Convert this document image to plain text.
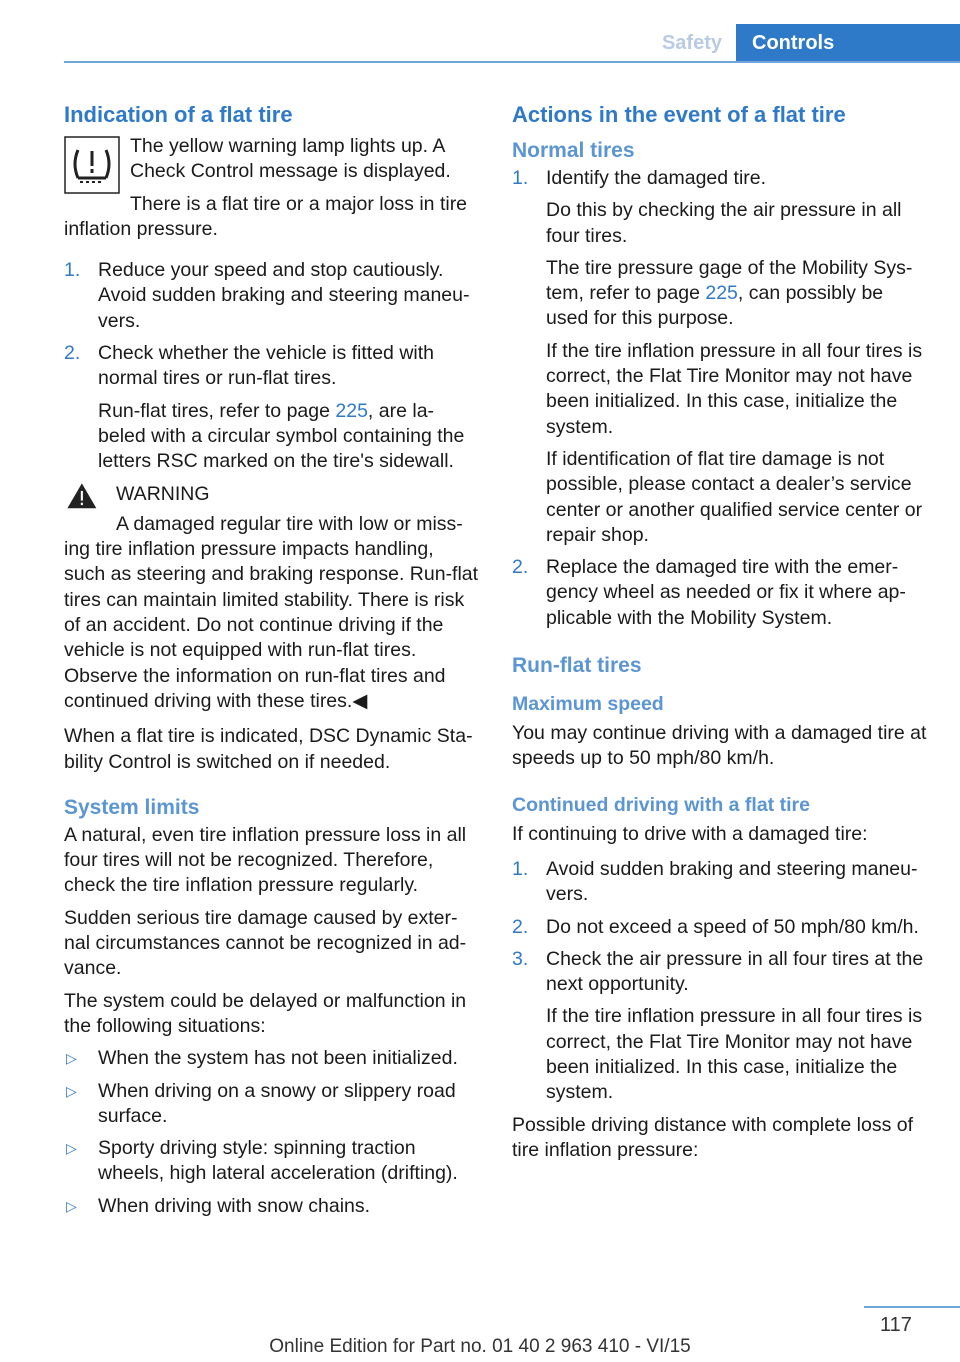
Safety	Controls
Indication of a flat tire

The yellow warning lamp lights up. A Check Control message is displayed.

There is a flat tire or a major loss in tire inflation pressure.

1. Reduce your speed and stop cautiously. Avoid sudden braking and steering maneu‐vers.

2. Check whether the vehicle is fitted with normal tires or run-flat tires.

Run-flat tires, refer to page 225, are la‐beled with a circular symbol containing the letters RSC marked on the tire's sidewall.

WARNING

A damaged regular tire with low or miss‐ing tire inflation pressure impacts handling, such as steering and braking response. Run-flat tires can maintain limited stability. There is risk of an accident. Do not continue driving if the vehicle is not equipped with run-flat tires. Observe the information on run-flat tires and continued driving with these tires.◀

When a flat tire is indicated, DSC Dynamic Sta‐bility Control is switched on if needed.

System limits

A natural, even tire inflation pressure loss in all four tires will not be recognized. Therefore, check the tire inflation pressure regularly.

Sudden serious tire damage caused by exter‐nal circumstances cannot be recognized in ad‐vance.

The system could be delayed or malfunction in the following situations:

▷ When the system has not been initialized.
▷ When driving on a snowy or slippery road surface.
▷ Sporty driving style: spinning traction wheels, high lateral acceleration (drifting).
▷ When driving with snow chains.
Actions in the event of a flat tire
Normal tires
1. Identify the damaged tire.

Do this by checking the air pressure in all four tires.

The tire pressure gage of the Mobility Sys‐tem, refer to page 225, can possibly be used for this purpose.

If the tire inflation pressure in all four tires is correct, the Flat Tire Monitor may not have been initialized. In this case, initialize the system.

If identification of flat tire damage is not possible, please contact a dealer’s service center or another qualified service center or repair shop.

2. Replace the damaged tire with the emer‐gency wheel as needed or fix it where ap‐plicable with the Mobility System.

Run-flat tires
Maximum speed

You may continue driving with a damaged tire at speeds up to 50 mph/80 km/h.

Continued driving with a flat tire

If continuing to drive with a damaged tire:

1. Avoid sudden braking and steering maneu‐vers.

2. Do not exceed a speed of 50 mph/80 km/h.

3. Check the air pressure in all four tires at the next opportunity.

If the tire inflation pressure in all four tires is correct, the Flat Tire Monitor may not have been initialized. In this case, initialize the system.

Possible driving distance with complete loss of tire inflation pressure:

117
Online Edition for Part no. 01 40 2 963 410 - VI/15
